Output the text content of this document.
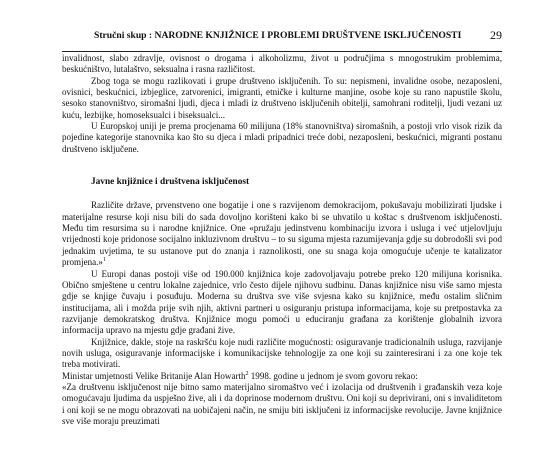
Stručni skup : NARODNE KNJIŽNICE I PROBLEMI DRUŠTVENE ISKLJUČENOSTI 29

invalidnost, slabo zdravlje, ovisnost o drogama i alkoholizmu, život u područjima s mnogostrukim problemima, beskućništvo, lutalaštvo, seksualna i rasna različitost.

Zbog toga se mogu razlikovati i grupe društveno isključenih. To su: nepismeni, invalidne osobe, nezaposleni, ovisnici, beskućnici, izbjeglice, zatvorenici, imigranti, etničke i kulturne manjine, osobe koje su rano napustile školu, sesoko stanovništvo, siromašni ljudi, djeca i mladi iz društveno isključenih obitelji, samohrani roditelji, ljudi vezani uz kuću, lezbijke, homoseksualci i biseksualci...

U Europskoj uniji je prema procjenama 60 milijuna (18% stanovništva) siromašnih, a postoji vrlo visok rizik da pojedine kategorije stanovnika kao što su djeca i mladi pripadnici treće dobi, nezaposleni, beskućnici, migranti postanu društveno isključene.

Javne knjižnice i društvena isključenost

Različite države, prvenstveno one bogatije i one s razvijenom demokracijom, pokušavaju mobilizirati ljudske i materijalne resurse koji nisu bili do sada dovoljno korišteni kako bi se uhvatilo u koštac s društvenom isključenosti. Među tim resursima su i narodne knjižnice. One «pružaju jedinstvenu kombinaciju izvora i usluga i već utjelovljuju vrijednosti koje pridonose socijalno inkluzivnom društvu – to su siguma mjesta razumijevanja gdje su dobrodošli svi pod jednakim uvjetima, te su ustanove put do znanja i raznolikosti, one su snaga koja omogućuje učenje te katalizator promjena.»$^1$

U Europi danas postoji više od 190.000 knjižnica koje zadovoljavaju potrebe preko 120 milijuna korisnika. Obično smještene u centru lokalne zajednice, vrlo često dijele njihovu sudbinu. Danas knjižnice nisu više samo mjesta gdje se knjige čuvaju i posuđuju. Moderna su društva sve više svjesna kako su knjižnice, među ostalim sličnim institucijama, ali i možda prije svih njih, aktivni partneri u osiguranju pristupa informacijama, koje su pretpostavka za razvijanje demokratskog društva. Knjižnice mogu pomoći u educiranju građana za korištenje globalnih izvora informacija upravo na mjestu gdje građani žive.

Knjižnice, dakle, stoje na raskršću koje nudi različite mogućnosti: osiguravanje tradicionalnih usluga, razvijanje novih usluga, osiguravanje informacijske i komunikacijske tehnologije za one koji su zainteresirani i za one koje tek treba motivirati.

Ministar umjetnosti Velike Britanije Alan Howarth$^2$ 1998. godine u jednom je svom govoru rekao:

«Za društvenu isključenost nije bitno samo materijalno siromaštvo već i izolacija od društvenih i građanskih veza koje omogućavaju ljudima da uspješno žive, ali i da doprinose modernom društvu. Oni koji su deprivirani, oni s invaliditetom i oni koji se ne mogu obrazovati na uobičajeni način, ne smiju biti isključeni iz informacijske revolucije. Javne knjižnice sve više moraju preuzimati
